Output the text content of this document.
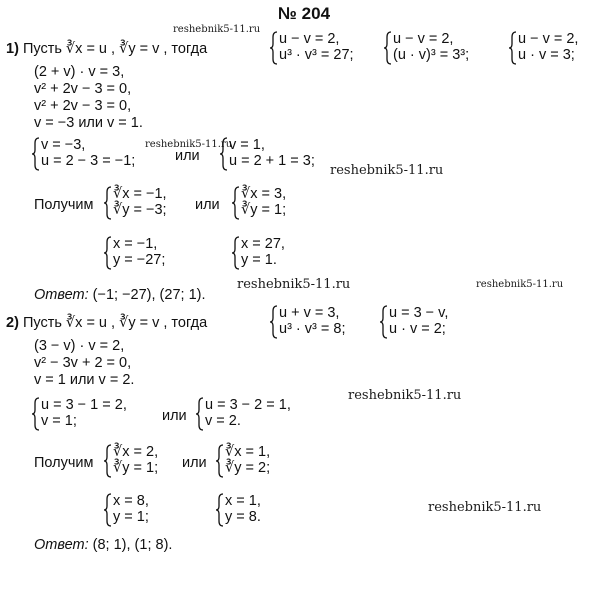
№ 204
reshebnik5-11.ru
reshebnik5-11.ru
reshebnik5-11.ru
reshebnik5-11.ru	reshebnik5-11.ru
reshebnik5-11.ru
reshebnik5-11.ru
1) Пусть ∛x = u , ∛y = v , тогда
u − v = 2,
u³ · v³ = 27;
u − v = 2,
(u · v)³ = 3³;
u − v = 2,
u · v = 3;
(2 + v) · v = 3,
v² + 2v − 3 = 0,
v² + 2v − 3 = 0,
v = −3 или v = 1.
v = −3,
u = 2 − 3 = −1;	или
v = 1,
u = 2 + 1 = 3;
Получим
∛x = −1,
∛y = −3; или
∛x = 3,
∛y = 1;
x = −1,
y = −27;
x = 27,
y = 1.
Ответ: (−1; −27), (27; 1).
2) Пусть ∛x = u , ∛y = v , тогда
u + v = 3,
u³ · v³ = 8;
u = 3 − v,
u · v = 2;
(3 − v) · v = 2,
v² − 3v + 2 = 0,
v = 1 или v = 2.
u = 3 − 1 = 2,
v = 1;	или
u = 3 − 2 = 1,
v = 2.
Получим
∛x = 2,
∛y = 1; или
∛x = 1,
∛y = 2;
x = 8,
y = 1;
x = 1,
y = 8.
Ответ: (8; 1), (1; 8).
